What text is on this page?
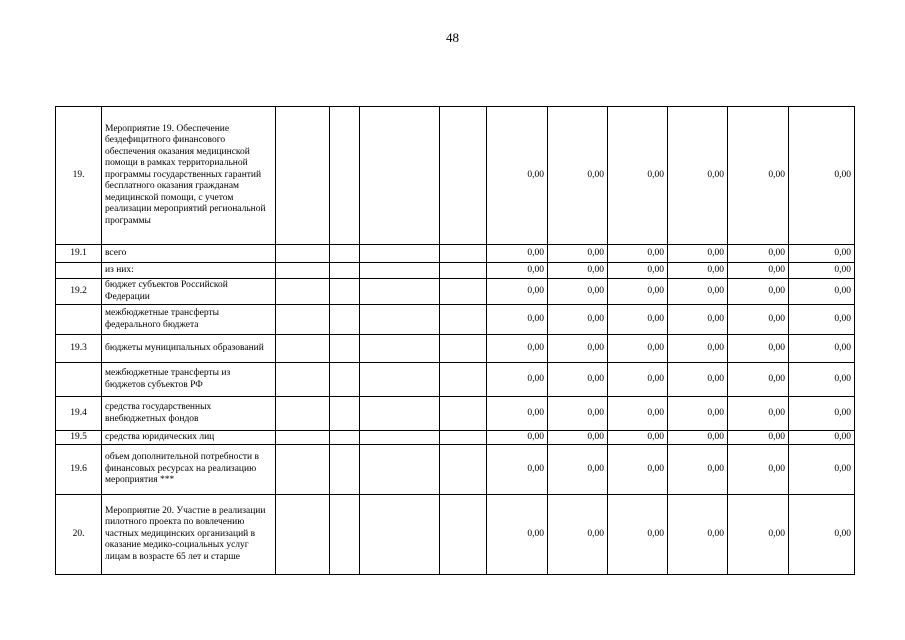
48
19.	Мероприятие 19. Обеспечение бездефицитного финансового обеспечения оказания медицинской помощи в рамках территориальной программы государственных гарантий бесплатного оказания гражданам медицинской помощи, с учетом реализации мероприятий региональной программы					0,00	0,00	0,00	0,00	0,00	0,00
19.1	всего					0,00	0,00	0,00	0,00	0,00	0,00
	из них:					0,00	0,00	0,00	0,00	0,00	0,00
19.2	бюджет субъектов Российской Федерации					0,00	0,00	0,00	0,00	0,00	0,00
	межбюджетные трансферты федерального бюджета					0,00	0,00	0,00	0,00	0,00	0,00
19.3	бюджеты муниципальных образований					0,00	0,00	0,00	0,00	0,00	0,00
	межбюджетные трансферты из бюджетов субъектов РФ					0,00	0,00	0,00	0,00	0,00	0,00
19.4	средства государственных внебюджетных фондов					0,00	0,00	0,00	0,00	0,00	0,00
19.5	средства юридических лиц					0,00	0,00	0,00	0,00	0,00	0,00
19.6	объем дополнительной потребности в финансовых ресурсах на реализацию мероприятия ***					0,00	0,00	0,00	0,00	0,00	0,00
20.	Мероприятие 20. Участие в реализации пилотного проекта по вовлечению частных медицинских организаций в оказание медико-социальных услуг лицам в возрасте 65 лет и старше					0,00	0,00	0,00	0,00	0,00	0,00
